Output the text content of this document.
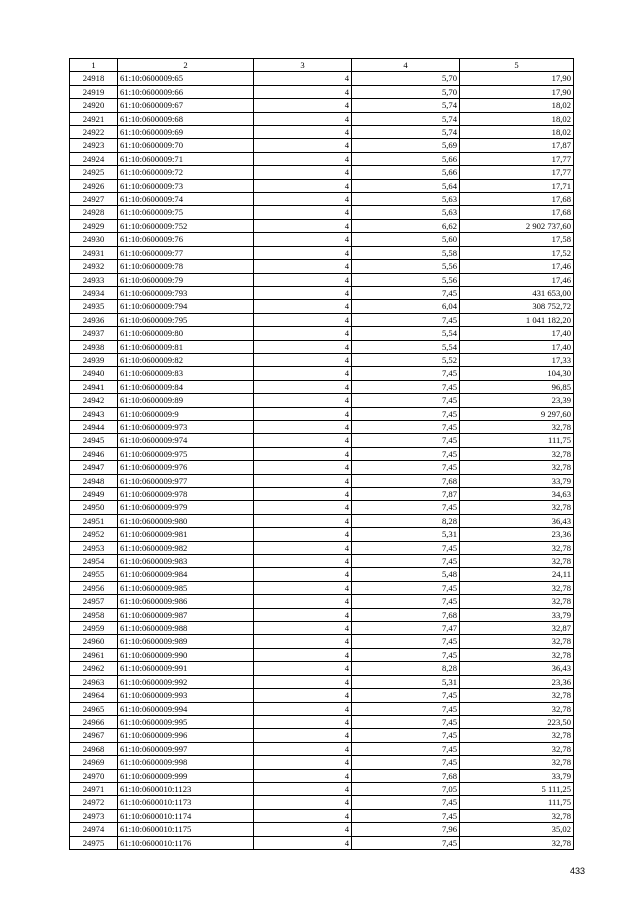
1	2	3	4	5
24918	61:10:0600009:65	4	5,70	17,90
24919	61:10:0600009:66	4	5,70	17,90
24920	61:10:0600009:67	4	5,74	18,02
24921	61:10:0600009:68	4	5,74	18,02
24922	61:10:0600009:69	4	5,74	18,02
24923	61:10:0600009:70	4	5,69	17,87
24924	61:10:0600009:71	4	5,66	17,77
24925	61:10:0600009:72	4	5,66	17,77
24926	61:10:0600009:73	4	5,64	17,71
24927	61:10:0600009:74	4	5,63	17,68
24928	61:10:0600009:75	4	5,63	17,68
24929	61:10:0600009:752	4	6,62	2 902 737,60
24930	61:10:0600009:76	4	5,60	17,58
24931	61:10:0600009:77	4	5,58	17,52
24932	61:10:0600009:78	4	5,56	17,46
24933	61:10:0600009:79	4	5,56	17,46
24934	61:10:0600009:793	4	7,45	431 653,00
24935	61:10:0600009:794	4	6,04	308 752,72
24936	61:10:0600009:795	4	7,45	1 041 182,20
24937	61:10:0600009:80	4	5,54	17,40
24938	61:10:0600009:81	4	5,54	17,40
24939	61:10:0600009:82	4	5,52	17,33
24940	61:10:0600009:83	4	7,45	104,30
24941	61:10:0600009:84	4	7,45	96,85
24942	61:10:0600009:89	4	7,45	23,39
24943	61:10:0600009:9	4	7,45	9 297,60
24944	61:10:0600009:973	4	7,45	32,78
24945	61:10:0600009:974	4	7,45	111,75
24946	61:10:0600009:975	4	7,45	32,78
24947	61:10:0600009:976	4	7,45	32,78
24948	61:10:0600009:977	4	7,68	33,79
24949	61:10:0600009:978	4	7,87	34,63
24950	61:10:0600009:979	4	7,45	32,78
24951	61:10:0600009:980	4	8,28	36,43
24952	61:10:0600009:981	4	5,31	23,36
24953	61:10:0600009:982	4	7,45	32,78
24954	61:10:0600009:983	4	7,45	32,78
24955	61:10:0600009:984	4	5,48	24,11
24956	61:10:0600009:985	4	7,45	32,78
24957	61:10:0600009:986	4	7,45	32,78
24958	61:10:0600009:987	4	7,68	33,79
24959	61:10:0600009:988	4	7,47	32,87
24960	61:10:0600009:989	4	7,45	32,78
24961	61:10:0600009:990	4	7,45	32,78
24962	61:10:0600009:991	4	8,28	36,43
24963	61:10:0600009:992	4	5,31	23,36
24964	61:10:0600009:993	4	7,45	32,78
24965	61:10:0600009:994	4	7,45	32,78
24966	61:10:0600009:995	4	7,45	223,50
24967	61:10:0600009:996	4	7,45	32,78
24968	61:10:0600009:997	4	7,45	32,78
24969	61:10:0600009:998	4	7,45	32,78
24970	61:10:0600009:999	4	7,68	33,79
24971	61:10:0600010:1123	4	7,05	5 111,25
24972	61:10:0600010:1173	4	7,45	111,75
24973	61:10:0600010:1174	4	7,45	32,78
24974	61:10:0600010:1175	4	7,96	35,02
24975	61:10:0600010:1176	4	7,45	32,78
433
